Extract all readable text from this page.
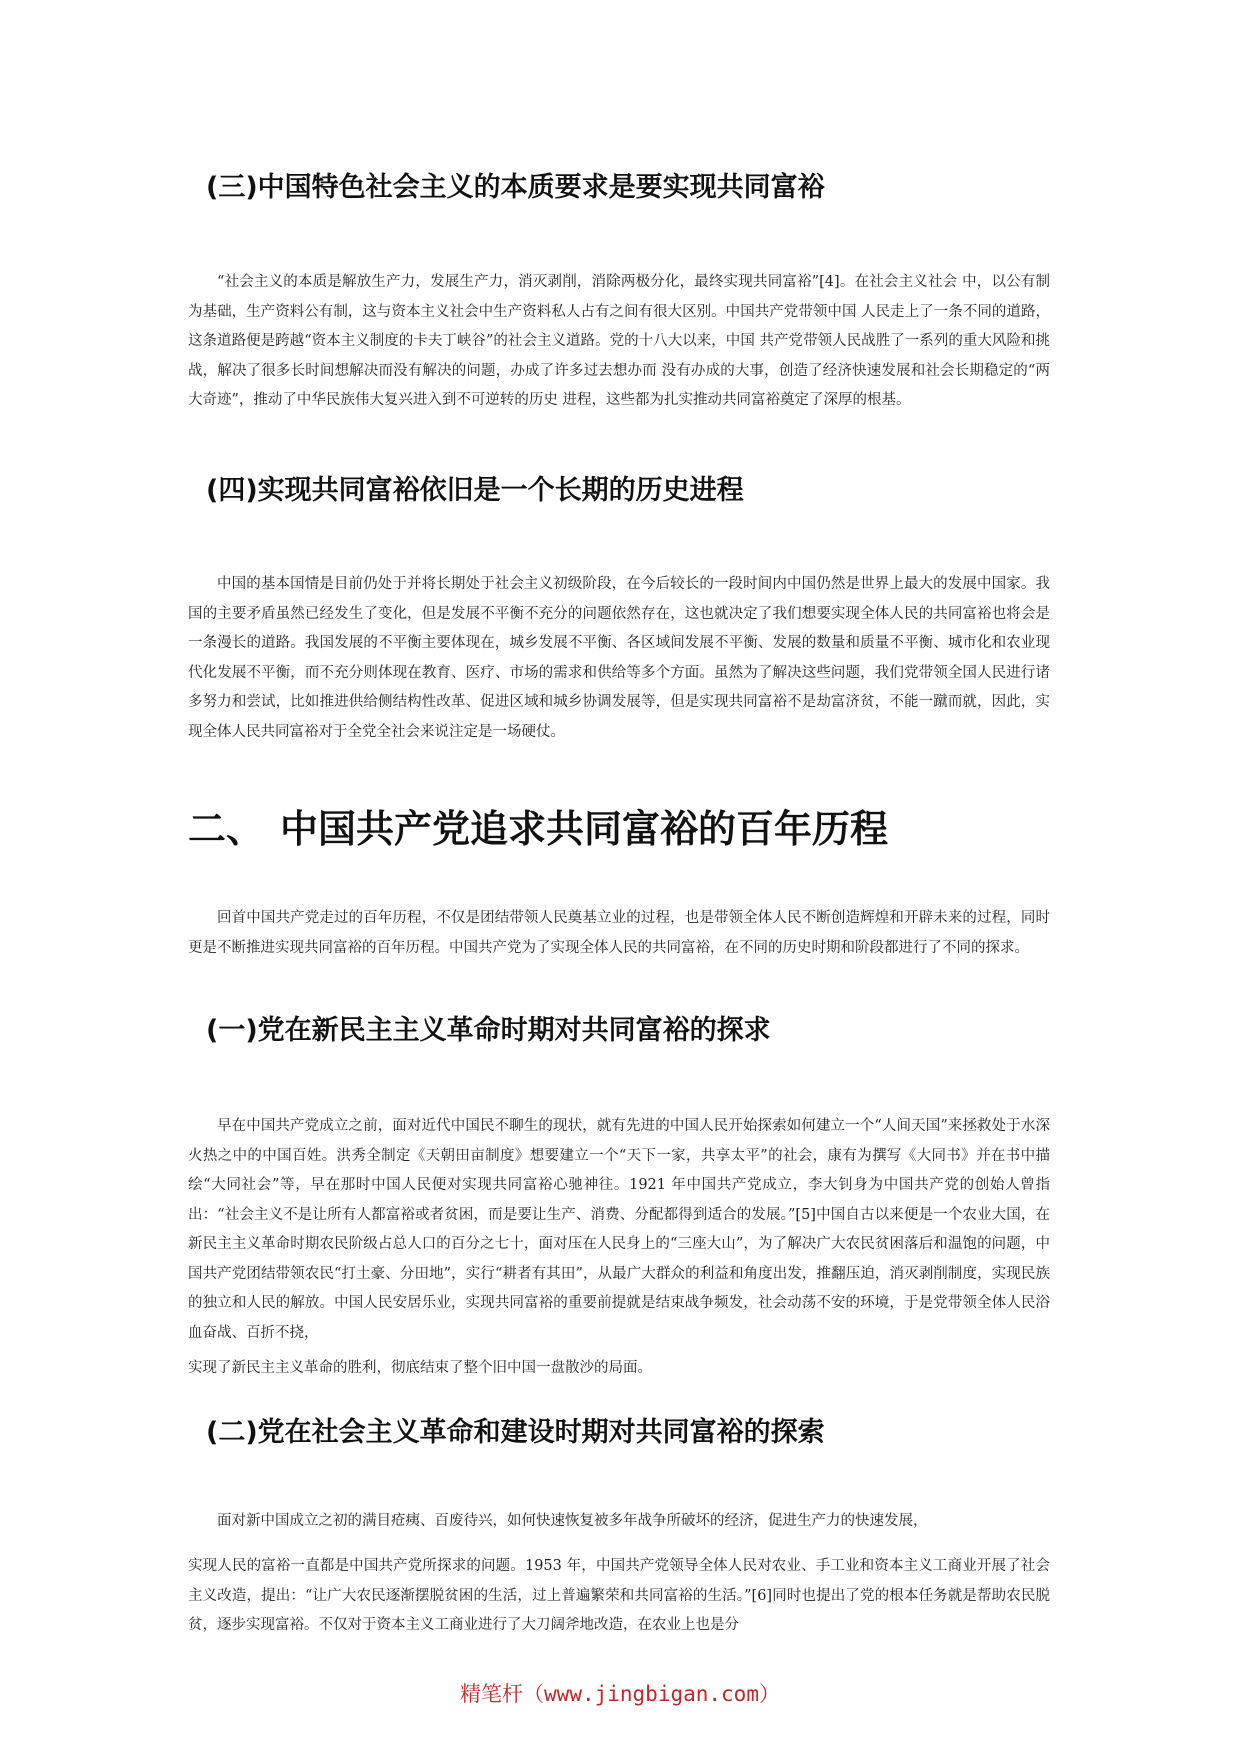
(三)中国特色社会主义的本质要求是要实现共同富裕

“社会主义的本质是解放生产力，发展生产力，消灭剥削，消除两极分化，最终实现共同富裕”[4]。在社会主义社会 中，以公有制为基础，生产资料公有制，这与资本主义社会中生产资料私人占有之间有很大区别。中国共产党带领中国 人民走上了一条不同的道路，这条道路便是跨越“资本主义制度的卡夫丁峡谷”的社会主义道路。党的十八大以来，中国 共产党带领人民战胜了一系列的重大风险和挑战，解决了很多长时间想解决而没有解决的问题，办成了许多过去想办而 没有办成的大事，创造了经济快速发展和社会长期稳定的“两大奇迹”，推动了中华民族伟大复兴进入到不可逆转的历史 进程，这些都为扎实推动共同富裕奠定了深厚的根基。

(四)实现共同富裕依旧是一个长期的历史进程

中国的基本国情是目前仍处于并将长期处于社会主义初级阶段，在今后较长的一段时间内中国仍然是世界上最大的发展中国家。我国的主要矛盾虽然已经发生了变化，但是发展不平衡不充分的问题依然存在，这也就决定了我们想要实现全体人民的共同富裕也将会是一条漫长的道路。我国发展的不平衡主要体现在，城乡发展不平衡、各区域间发展不平衡、发展的数量和质量不平衡、城市化和农业现代化发展不平衡，而不充分则体现在教育、医疗、市场的需求和供给等多个方面。虽然为了解决这些问题，我们党带领全国人民进行诸多努力和尝试，比如推进供给侧结构性改革、促进区域和城乡协调发展等，但是实现共同富裕不是劫富济贫，不能一蹴而就，因此，实现全体人民共同富裕对于全党全社会来说注定是一场硬仗。

二、 中国共产党追求共同富裕的百年历程

回首中国共产党走过的百年历程，不仅是团结带领人民奠基立业的过程，也是带领全体人民不断创造辉煌和开辟未来的过程，同时更是不断推进实现共同富裕的百年历程。中国共产党为了实现全体人民的共同富裕，在不同的历史时期和阶段都进行了不同的探求。

(一)党在新民主主义革命时期对共同富裕的探求

早在中国共产党成立之前，面对近代中国民不聊生的现状，就有先进的中国人民开始探索如何建立一个“人间天国”来拯救处于水深火热之中的中国百姓。洪秀全制定《天朝田亩制度》想要建立一个“天下一家，共享太平”的社会，康有为撰写《大同书》并在书中描绘“大同社会”等，早在那时中国人民便对实现共同富裕心驰神往。1921 年中国共产党成立，李大钊身为中国共产党的创始人曾指出：“社会主义不是让所有人都富裕或者贫困，而是要让生产、消费、分配都得到适合的发展。”[5]中国自古以来便是一个农业大国，在新民主主义革命时期农民阶级占总人口的百分之七十，面对压在人民身上的“三座大山”，为了解决广大农民贫困落后和温饱的问题，中国共产党团结带领农民“打土豪、分田地”，实行“耕者有其田”，从最广大群众的利益和角度出发，推翻压迫，消灭剥削制度，实现民族的独立和人民的解放。中国人民安居乐业，实现共同富裕的重要前提就是结束战争频发，社会动荡不安的环境，于是党带领全体人民浴血奋战、百折不挠，

实现了新民主主义革命的胜利，彻底结束了整个旧中国一盘散沙的局面。

(二)党在社会主义革命和建设时期对共同富裕的探索

面对新中国成立之初的满目疮痍、百废待兴，如何快速恢复被多年战争所破坏的经济，促进生产力的快速发展，

实现人民的富裕一直都是中国共产党所探求的问题。1953 年，中国共产党领导全体人民对农业、手工业和资本主义工商业开展了社会主义改造，提出：“让广大农民逐渐摆脱贫困的生活，过上普遍繁荣和共同富裕的生活。”[6]同时也提出了党的根本任务就是帮助农民脱贫，逐步实现富裕。不仅对于资本主义工商业进行了大刀阔斧地改造，在农业上也是分

精笔杆（www.jingbigan.com）
